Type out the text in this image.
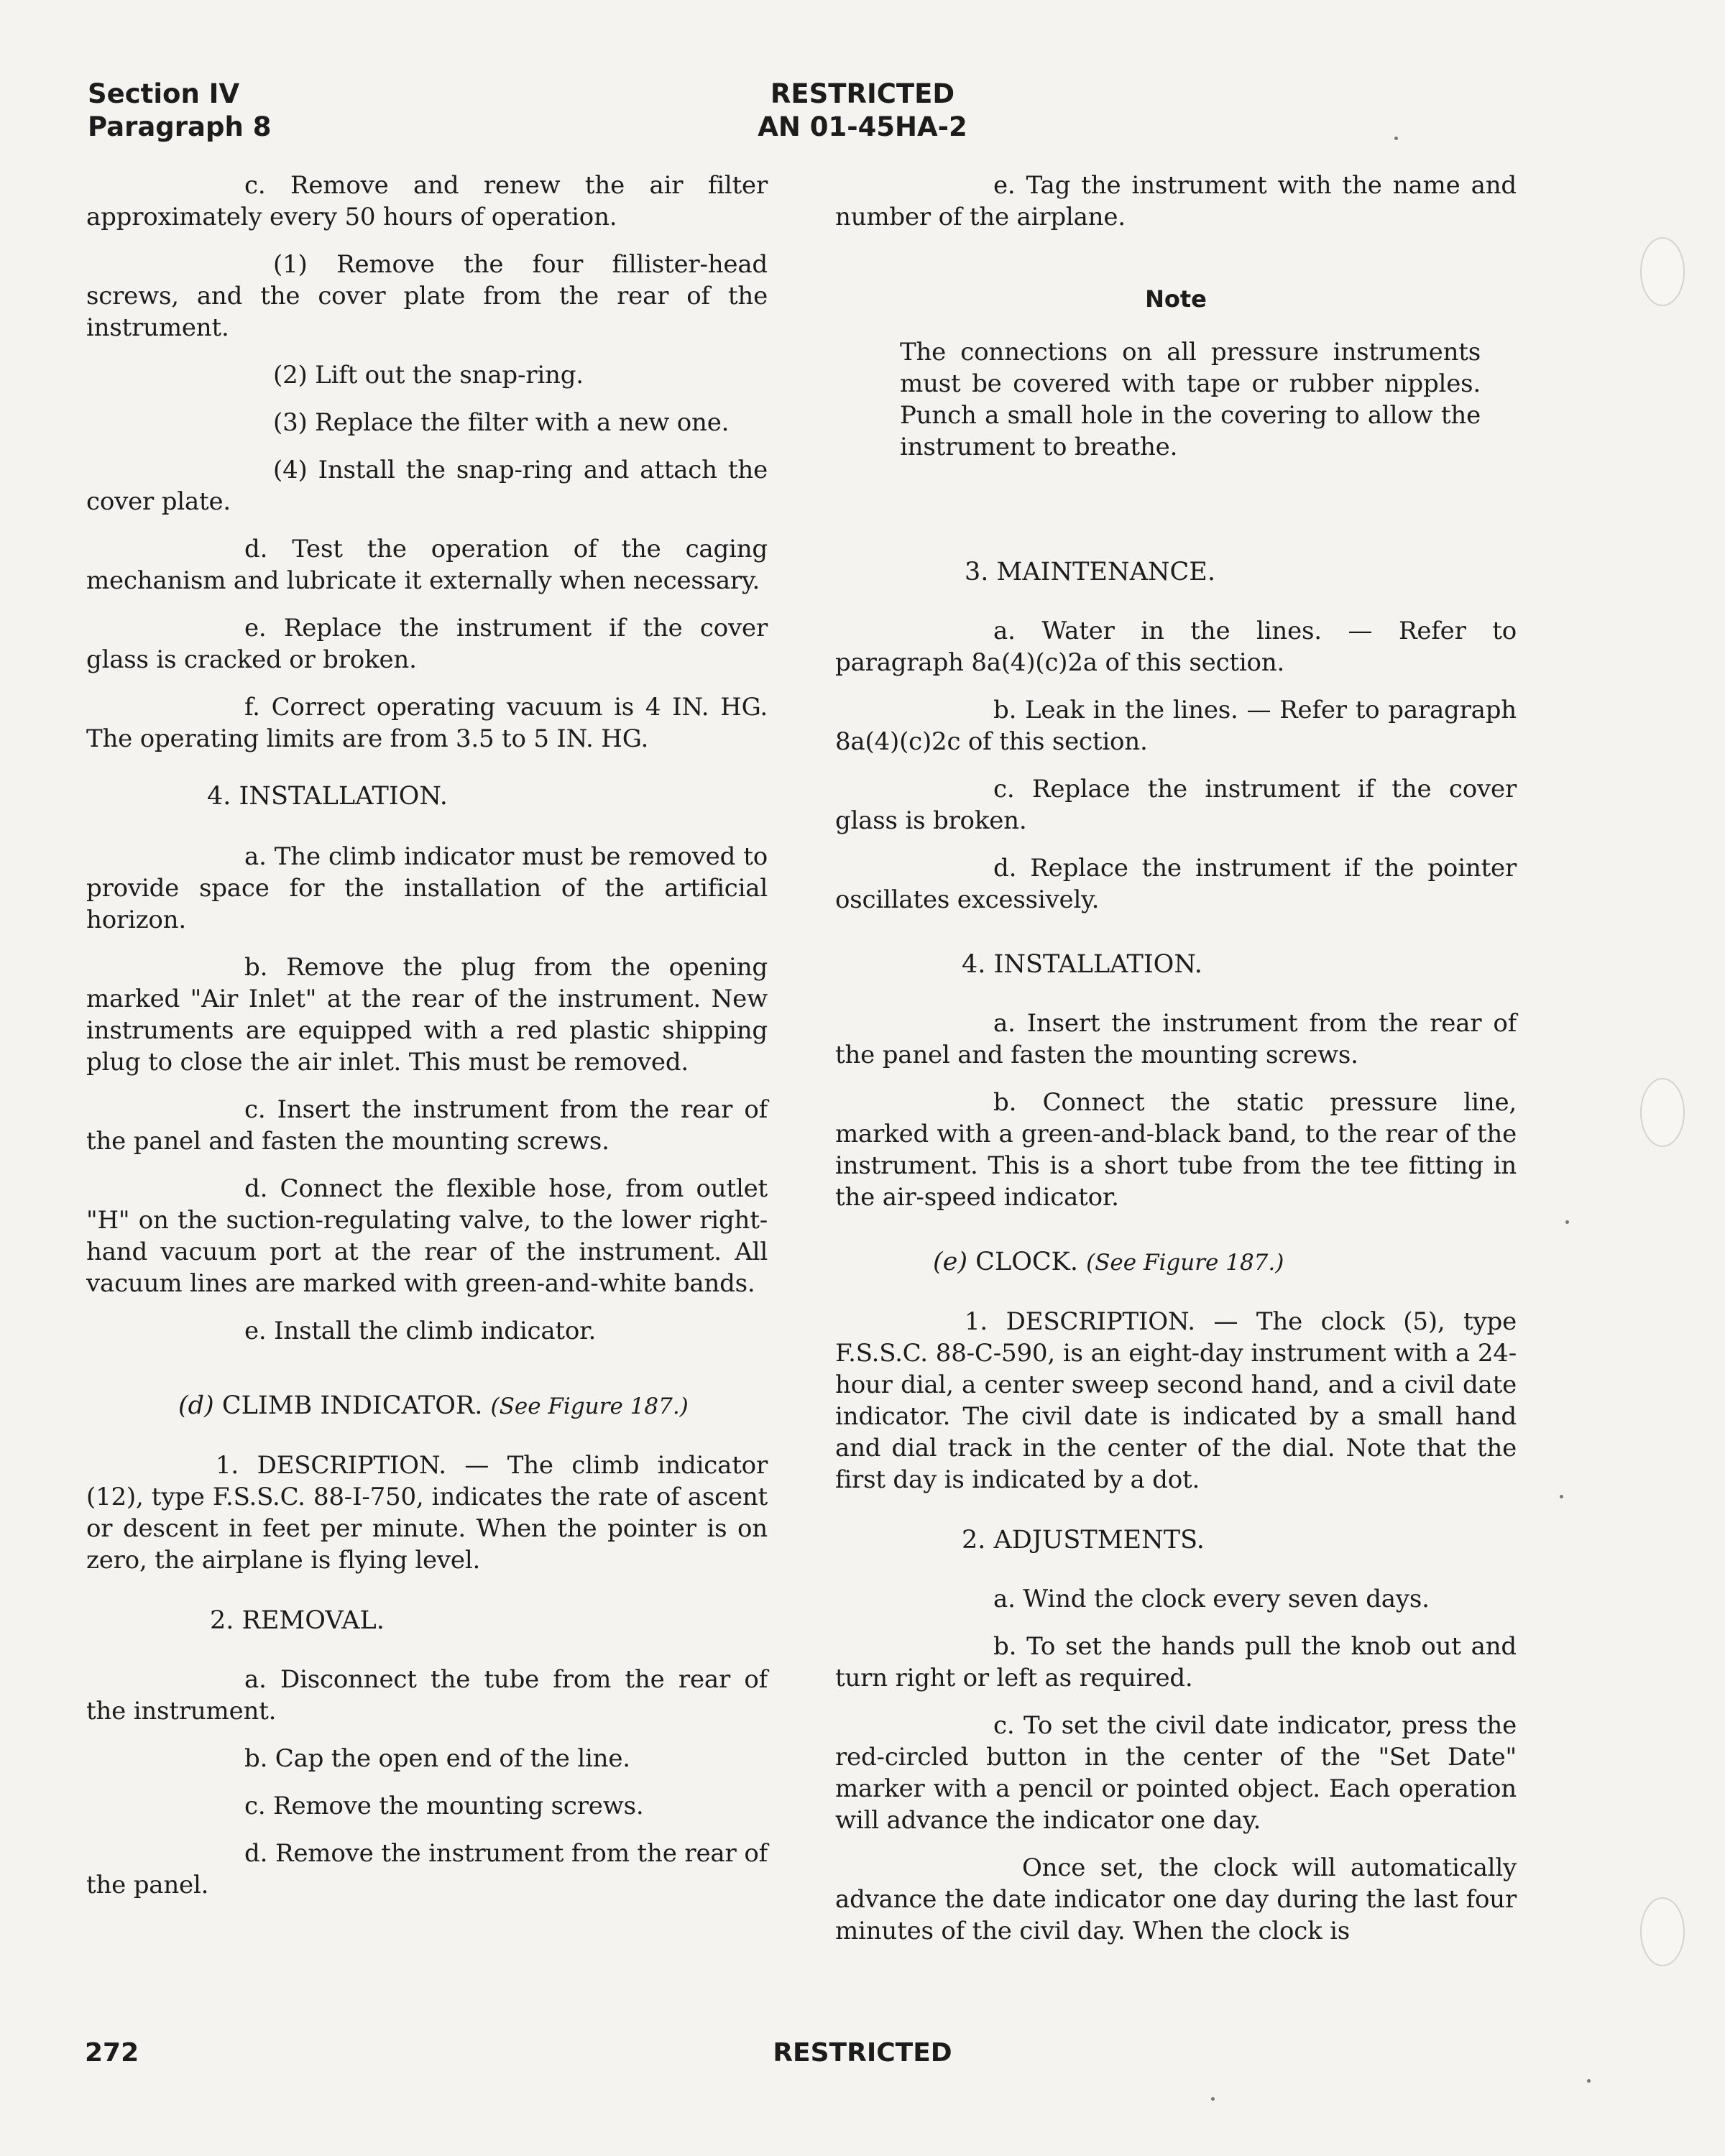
Section IV
Paragraph 8
RESTRICTED
AN 01-45HA-2

c. Remove and renew the air filter approximately every 50 hours of operation.

(1) Remove the four fillister-head screws, and the cover plate from the rear of the instrument.

(2) Lift out the snap-ring.

(3) Replace the filter with a new one.

(4) Install the snap-ring and attach the cover plate.

d. Test the operation of the caging mechanism and lubricate it externally when necessary.

e. Replace the instrument if the cover glass is cracked or broken.

f. Correct operating vacuum is 4 IN. HG. The operating limits are from 3.5 to 5 IN. HG.

4. INSTALLATION.

a. The climb indicator must be removed to provide space for the installation of the artificial horizon.

b. Remove the plug from the opening marked "Air Inlet" at the rear of the instrument. New instruments are equipped with a red plastic shipping plug to close the air inlet. This must be removed.

c. Insert the instrument from the rear of the panel and fasten the mounting screws.

d. Connect the flexible hose, from outlet "H" on the suction-regulating valve, to the lower right-hand vacuum port at the rear of the instrument. All vacuum lines are marked with green-and-white bands.

e. Install the climb indicator.

(d) CLIMB INDICATOR. (See Figure 187.)

1. DESCRIPTION. — The climb indicator (12), type F.S.S.C. 88-I-750, indicates the rate of ascent or descent in feet per minute. When the pointer is on zero, the airplane is flying level.

2. REMOVAL.

a. Disconnect the tube from the rear of the instrument.

b. Cap the open end of the line.

c. Remove the mounting screws.

d. Remove the instrument from the rear of the panel.

e. Tag the instrument with the name and number of the airplane.

Note

The connections on all pressure instruments must be covered with tape or rubber nipples. Punch a small hole in the covering to allow the instrument to breathe.

3. MAINTENANCE.

a. Water in the lines. — Refer to paragraph 8a(4)(c)2a of this section.

b. Leak in the lines. — Refer to paragraph 8a(4)(c)2c of this section.

c. Replace the instrument if the cover glass is broken.

d. Replace the instrument if the pointer oscillates excessively.

4. INSTALLATION.

a. Insert the instrument from the rear of the panel and fasten the mounting screws.

b. Connect the static pressure line, marked with a green-and-black band, to the rear of the instrument. This is a short tube from the tee fitting in the air-speed indicator.

(e) CLOCK. (See Figure 187.)

1. DESCRIPTION. — The clock (5), type F.S.S.C. 88-C-590, is an eight-day instrument with a 24-hour dial, a center sweep second hand, and a civil date indicator. The civil date is indicated by a small hand and dial track in the center of the dial. Note that the first day is indicated by a dot.

2. ADJUSTMENTS.

a. Wind the clock every seven days.

b. To set the hands pull the knob out and turn right or left as required.

c. To set the civil date indicator, press the red-circled button in the center of the "Set Date" marker with a pencil or pointed object. Each operation will advance the indicator one day.

Once set, the clock will automatically advance the date indicator one day during the last four minutes of the civil day. When the clock is

272	RESTRICTED
